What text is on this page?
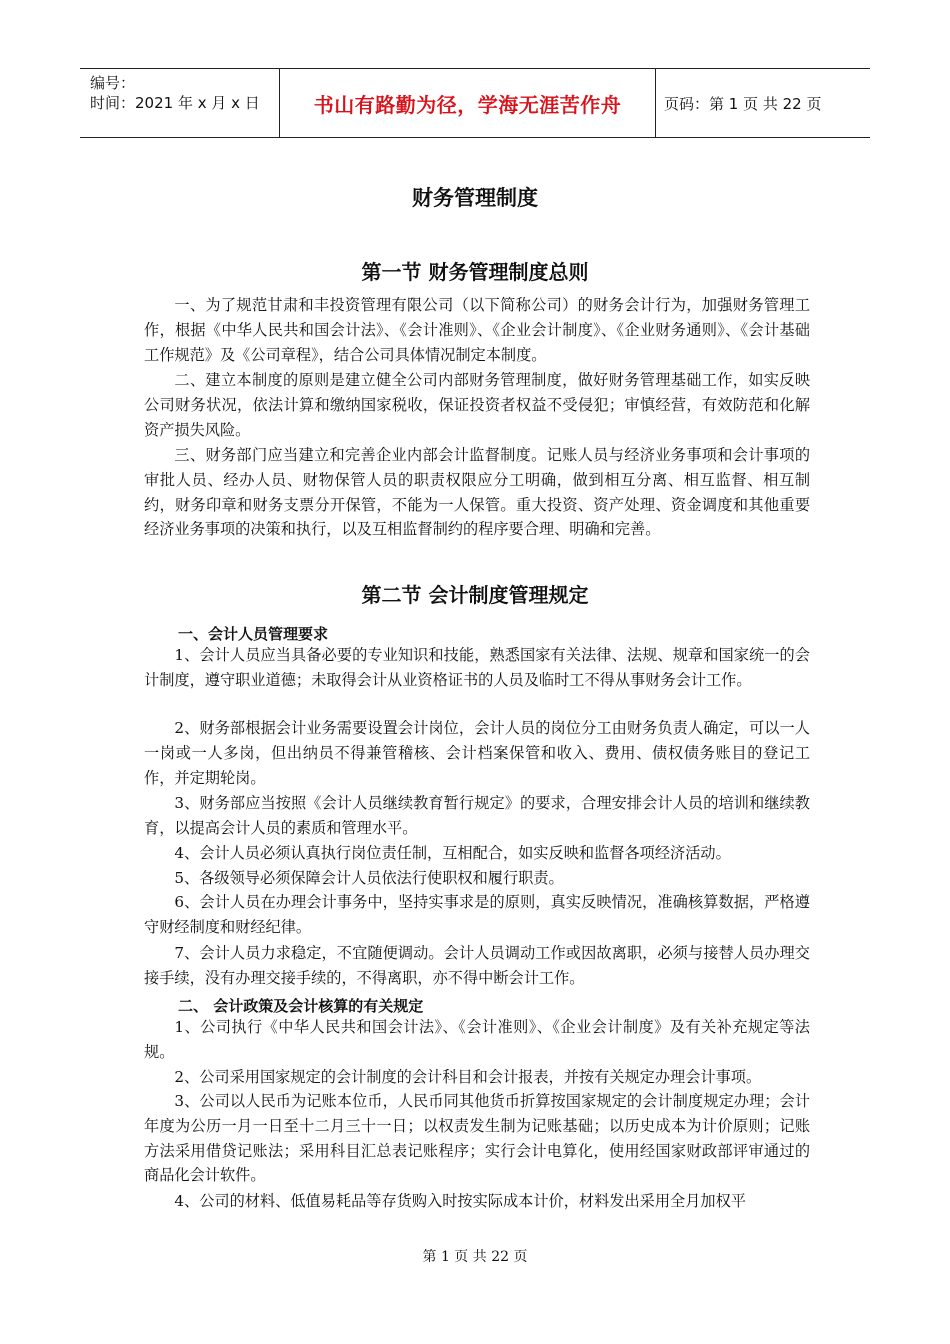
编号：
时间：2021 年 x 月 x 日	书山有路勤为径，学海无涯苦作舟	页码：第 1 页 共 22 页
财务管理制度
第一节 财务管理制度总则

一、为了规范甘肃和丰投资管理有限公司（以下简称公司）的财务会计行为，加强财务管理工作，根据《中华人民共和国会计法》、《会计准则》、《企业会计制度》、《企业财务通则》、《会计基础工作规范》及《公司章程》，结合公司具体情况制定本制度。

二、建立本制度的原则是建立健全公司内部财务管理制度，做好财务管理基础工作，如实反映公司财务状况，依法计算和缴纳国家税收，保证投资者权益不受侵犯；审慎经营，有效防范和化解资产损失风险。

三、财务部门应当建立和完善企业内部会计监督制度。记账人员与经济业务事项和会计事项的审批人员、经办人员、财物保管人员的职责权限应分工明确，做到相互分离、相互监督、相互制约，财务印章和财务支票分开保管，不能为一人保管。重大投资、资产处理、资金调度和其他重要经济业务事项的决策和执行，以及互相监督制约的程序要合理、明确和完善。

第二节 会计制度管理规定
一、会计人员管理要求

1、会计人员应当具备必要的专业知识和技能，熟悉国家有关法律、法规、规章和国家统一的会计制度，遵守职业道德；未取得会计从业资格证书的人员及临时工不得从事财务会计工作。

2、财务部根据会计业务需要设置会计岗位，会计人员的岗位分工由财务负责人确定，可以一人一岗或一人多岗，但出纳员不得兼管稽核、会计档案保管和收入、费用、债权债务账目的登记工作，并定期轮岗。

3、财务部应当按照《会计人员继续教育暂行规定》的要求，合理安排会计人员的培训和继续教育，以提高会计人员的素质和管理水平。

4、会计人员必须认真执行岗位责任制，互相配合，如实反映和监督各项经济活动。

5、各级领导必须保障会计人员依法行使职权和履行职责。

6、会计人员在办理会计事务中，坚持实事求是的原则，真实反映情况，准确核算数据，严格遵守财经制度和财经纪律。

7、会计人员力求稳定，不宜随便调动。会计人员调动工作或因故离职，必须与接替人员办理交接手续，没有办理交接手续的，不得离职，亦不得中断会计工作。

二、 会计政策及会计核算的有关规定

1、公司执行《中华人民共和国会计法》、《会计准则》、《企业会计制度》及有关补充规定等法规。

2、公司采用国家规定的会计制度的会计科目和会计报表，并按有关规定办理会计事项。

3、公司以人民币为记账本位币，人民币同其他货币折算按国家规定的会计制度规定办理；会计年度为公历一月一日至十二月三十一日；以权责发生制为记账基础；以历史成本为计价原则；记账方法采用借贷记账法；采用科目汇总表记账程序；实行会计电算化，使用经国家财政部评审通过的商品化会计软件。

4、公司的材料、低值易耗品等存货购入时按实际成本计价，材料发出采用全月加权平

第 1 页 共 22 页
